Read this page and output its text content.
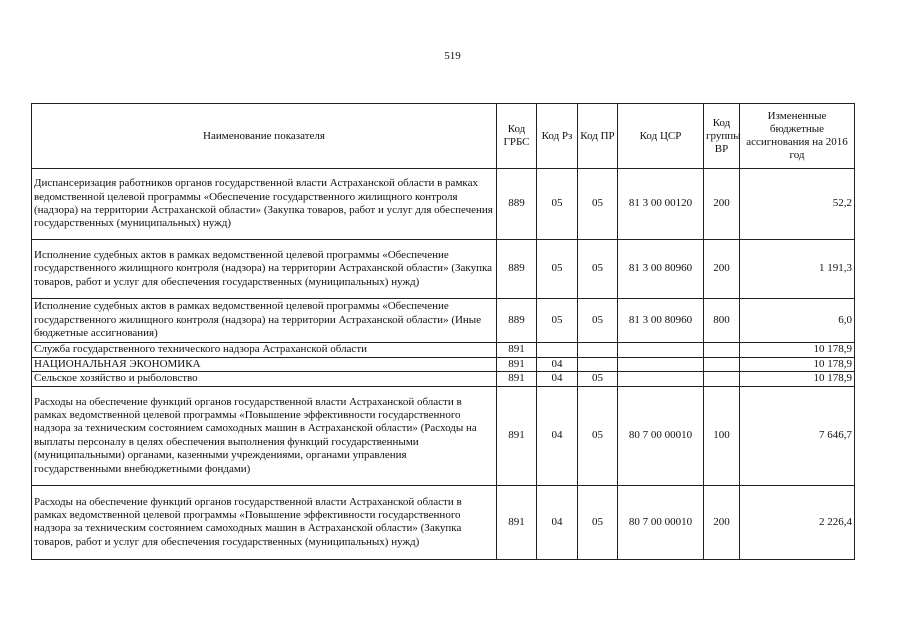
519
Наименование показателя	Код ГРБС	Код Рз	Код ПР	Код ЦСР	Код группы ВР	Измененные бюджетные ассигнования на 2016 год
Диспансеризация работников органов государственной власти Астраханской области в рамках ведомственной целевой программы «Обеспечение государственного жилищного контроля (надзора) на территории Астраханской области» (Закупка товаров, работ и услуг для обеспечения государственных (муниципальных) нужд)	889	05	05	81 3 00 00120	200	52,2
Исполнение судебных актов в рамках ведомственной целевой программы «Обеспечение государственного жилищного контроля (надзора) на территории Астраханской области» (Закупка товаров, работ и услуг для обеспечения государственных (муниципальных) нужд)	889	05	05	81 3 00 80960	200	1 191,3
Исполнение судебных актов в рамках ведомственной целевой программы «Обеспечение государственного жилищного контроля (надзора) на территории Астраханской области» (Иные бюджетные ассигнования)	889	05	05	81 3 00 80960	800	6,0
Служба государственного технического надзора Астраханской области	891					10 178,9
НАЦИОНАЛЬНАЯ ЭКОНОМИКА	891	04				10 178,9
Сельское хозяйство и рыболовство	891	04	05			10 178,9
Расходы на обеспечение функций органов государственной власти Астраханской области в рамках ведомственной целевой программы «Повышение эффективности государственного надзора за техническим состоянием самоходных машин в Астраханской области» (Расходы на выплаты персоналу в целях обеспечения выполнения функций государственными (муниципальными) органами, казенными учреждениями, органами управления государственными внебюджетными фондами)	891	04	05	80 7 00 00010	100	7 646,7
Расходы на обеспечение функций органов государственной власти Астраханской области в рамках ведомственной целевой программы «Повышение эффективности государственного надзора за техническим состоянием самоходных машин в Астраханской области» (Закупка товаров, работ и услуг для обеспечения государственных (муниципальных) нужд)	891	04	05	80 7 00 00010	200	2 226,4
